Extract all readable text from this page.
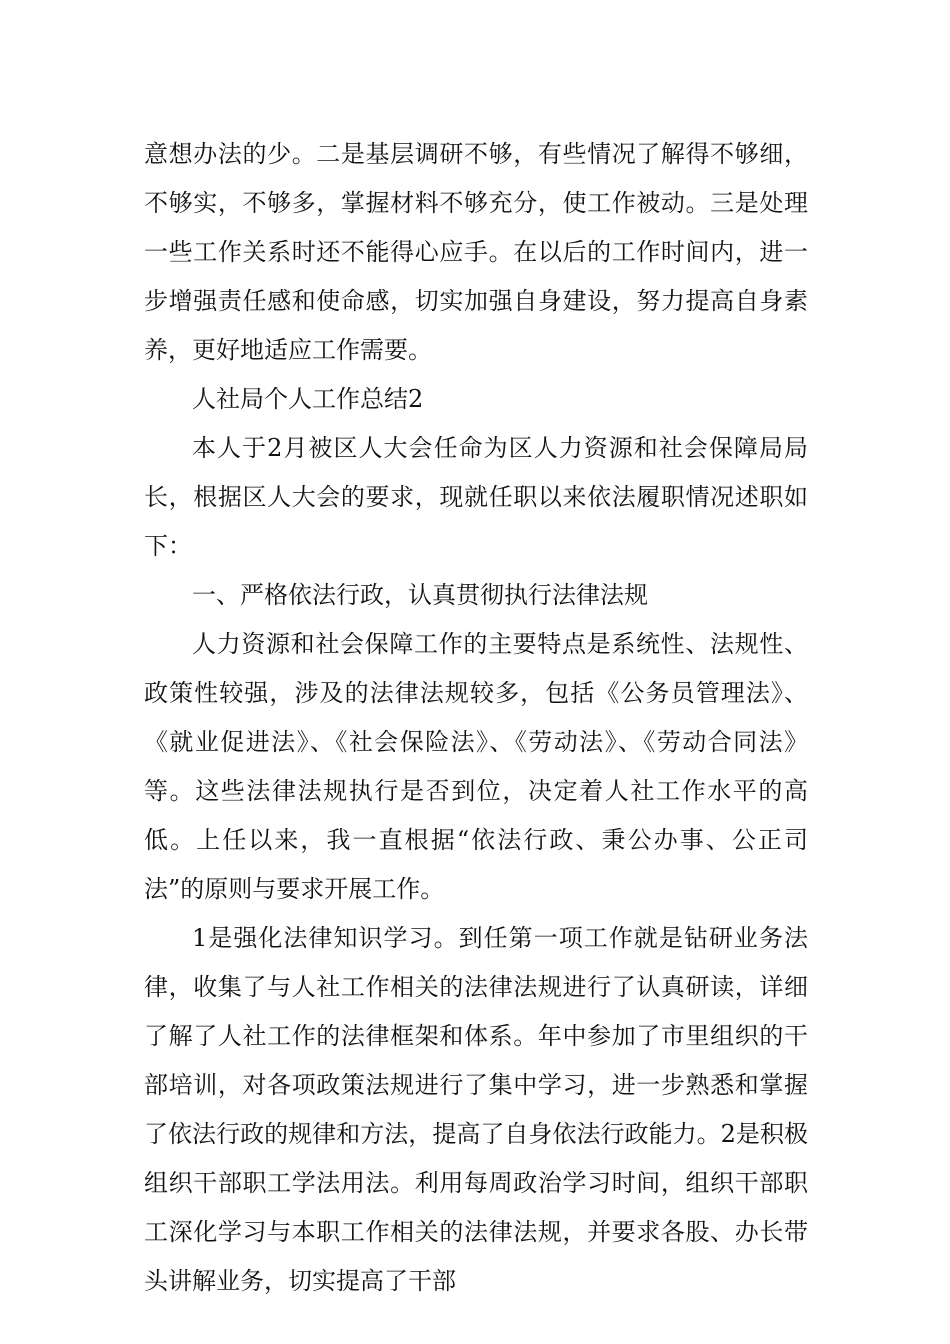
意想办法的少。二是基层调研不够，有些情况了解得不够细，不够实，不够多，掌握材料不够充分，使工作被动。三是处理一些工作关系时还不能得心应手。在以后的工作时间内，进一步增强责任感和使命感，切实加强自身建设，努力提高自身素养，更好地适应工作需要。

人社局个人工作总结2

本人于2月被区人大会任命为区人力资源和社会保障局局长，根据区人大会的要求，现就任职以来依法履职情况述职如下：

一、严格依法行政，认真贯彻执行法律法规

人力资源和社会保障工作的主要特点是系统性、法规性、政策性较强，涉及的法律法规较多，包括《公务员管理法》、《就业促进法》、《社会保险法》、《劳动法》、《劳动合同法》等。这些法律法规执行是否到位，决定着人社工作水平的高低。上任以来，我一直根据“依法行政、秉公办事、公正司法”的原则与要求开展工作。

1是强化法律知识学习。到任第一项工作就是钻研业务法律，收集了与人社工作相关的法律法规进行了认真研读，详细了解了人社工作的法律框架和体系。年中参加了市里组织的干部培训，对各项政策法规进行了集中学习，进一步熟悉和掌握了依法行政的规律和方法，提高了自身依法行政能力。2是积极组织干部职工学法用法。利用每周政治学习时间，组织干部职工深化学习与本职工作相关的法律法规，并要求各股、办长带头讲解业务，切实提高了干部
